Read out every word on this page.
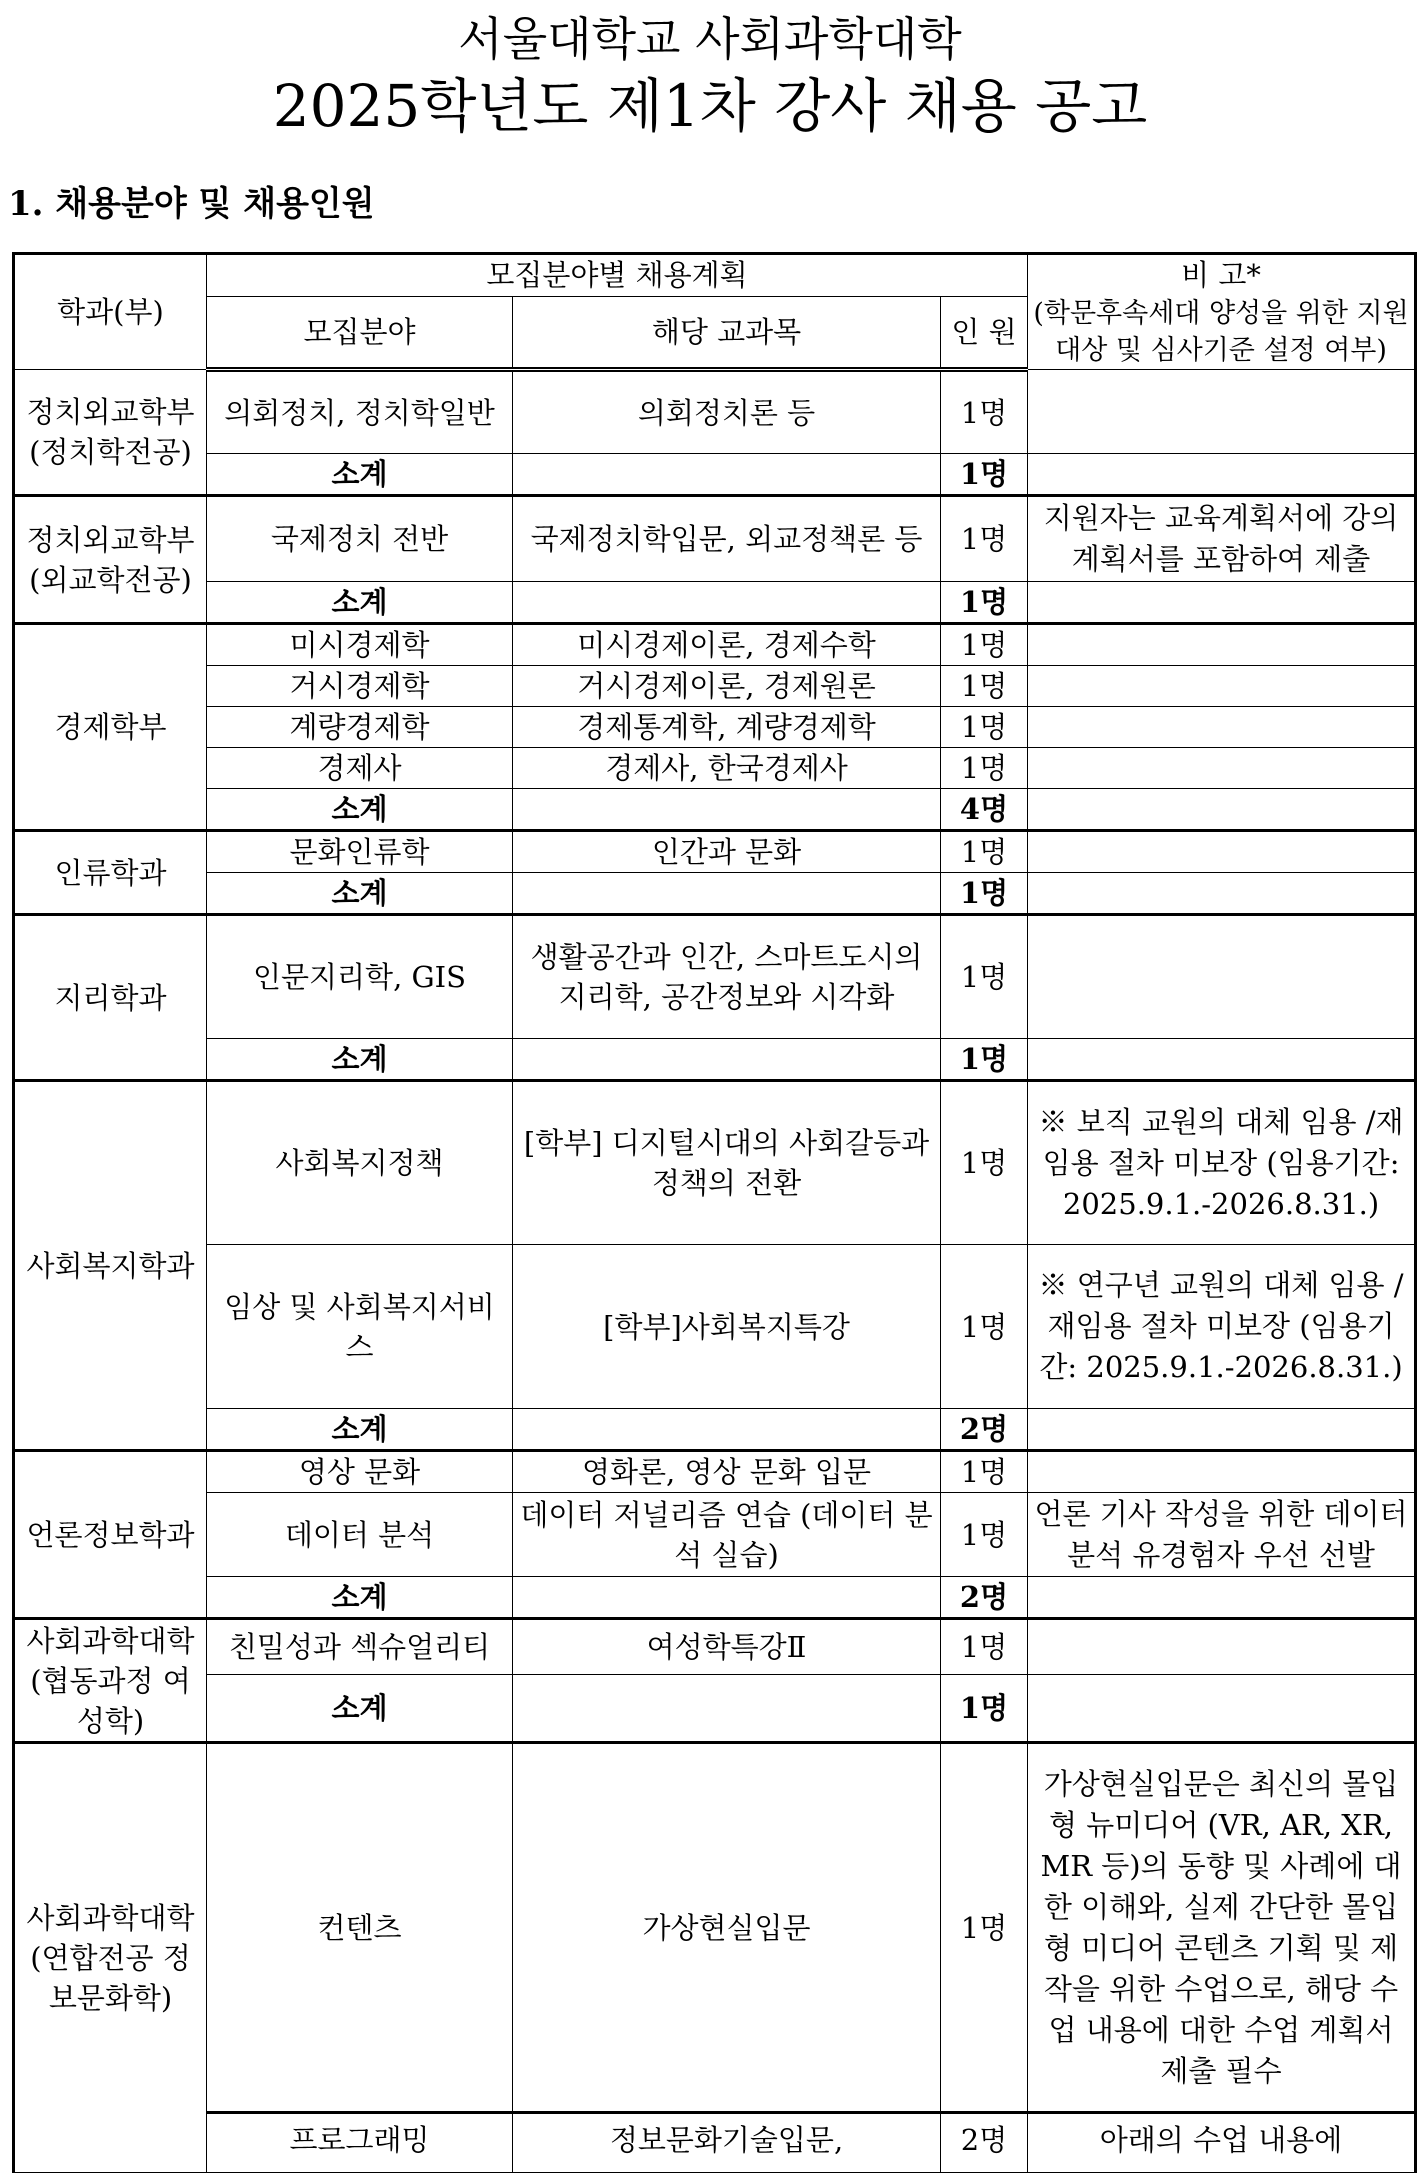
서울대학교 사회과학대학
2025학년도 제1차 강사 채용 공고
1. 채용분야 및 채용인원
학과(부)	모집분야별 채용계획			비 고*
(학문후속세대 양성을 위한 지원대상 및 심사기준 설정 여부)

	모집분야	해당 교과목	인 원	
정치외교학부 (정치학전공)	의회정치, 정치학일반	의회정치론 등	1명	
	소계		1명	
정치외교학부 (외교학전공)	국제정치 전반	국제정치학입문, 외교정책론 등	1명	지원자는 교육계획서에 강의계획서를 포함하여 제출
	소계		1명	
경제학부	미시경제학	미시경제이론, 경제수학	1명	
	거시경제학	거시경제이론, 경제원론	1명	
	계량경제학	경제통계학, 계량경제학	1명	
	경제사	경제사, 한국경제사	1명	
	소계		4명	
인류학과	문화인류학	인간과 문화	1명	
	소계		1명	
지리학과	인문지리학, GIS	생활공간과 인간, 스마트도시의 지리학, 공간정보와 시각화	1명	
	소계		1명	
사회복지학과	사회복지정책	[학부] 디지털시대의 사회갈등과 정책의 전환	1명	※ 보직 교원의 대체 임용 /재임용 절차 미보장 (임용기간: 2025.9.1.-2026.8.31.)
	임상 및 사회복지서비스	[학부]사회복지특강	1명	※ 연구년 교원의 대체 임용 /재임용 절차 미보장 (임용기간: 2025.9.1.-2026.8.31.)
	소계		2명	
언론정보학과	영상 문화	영화론, 영상 문화 입문	1명	
	데이터 분석	데이터 저널리즘 연습 (데이터 분석 실습)	1명	언론 기사 작성을 위한 데이터 분석 유경험자 우선 선발
	소계		2명	
사회과학대학 (협동과정 여성학)	친밀성과 섹슈얼리티	여성학특강Ⅱ	1명	
	소계		1명	
사회과학대학 (연합전공 정보문화학)	컨텐츠	가상현실입문	1명	가상현실입문은 최신의 몰입형 뉴미디어 (VR, AR, XR, MR 등)의 동향 및 사례에 대한 이해와, 실제 간단한 몰입형 미디어 콘텐츠 기획 및 제작을 위한 수업으로, 해당 수업 내용에 대한 수업 계획서 제출 필수
	프로그래밍	정보문화기술입문,	2명	아래의 수업 내용에
